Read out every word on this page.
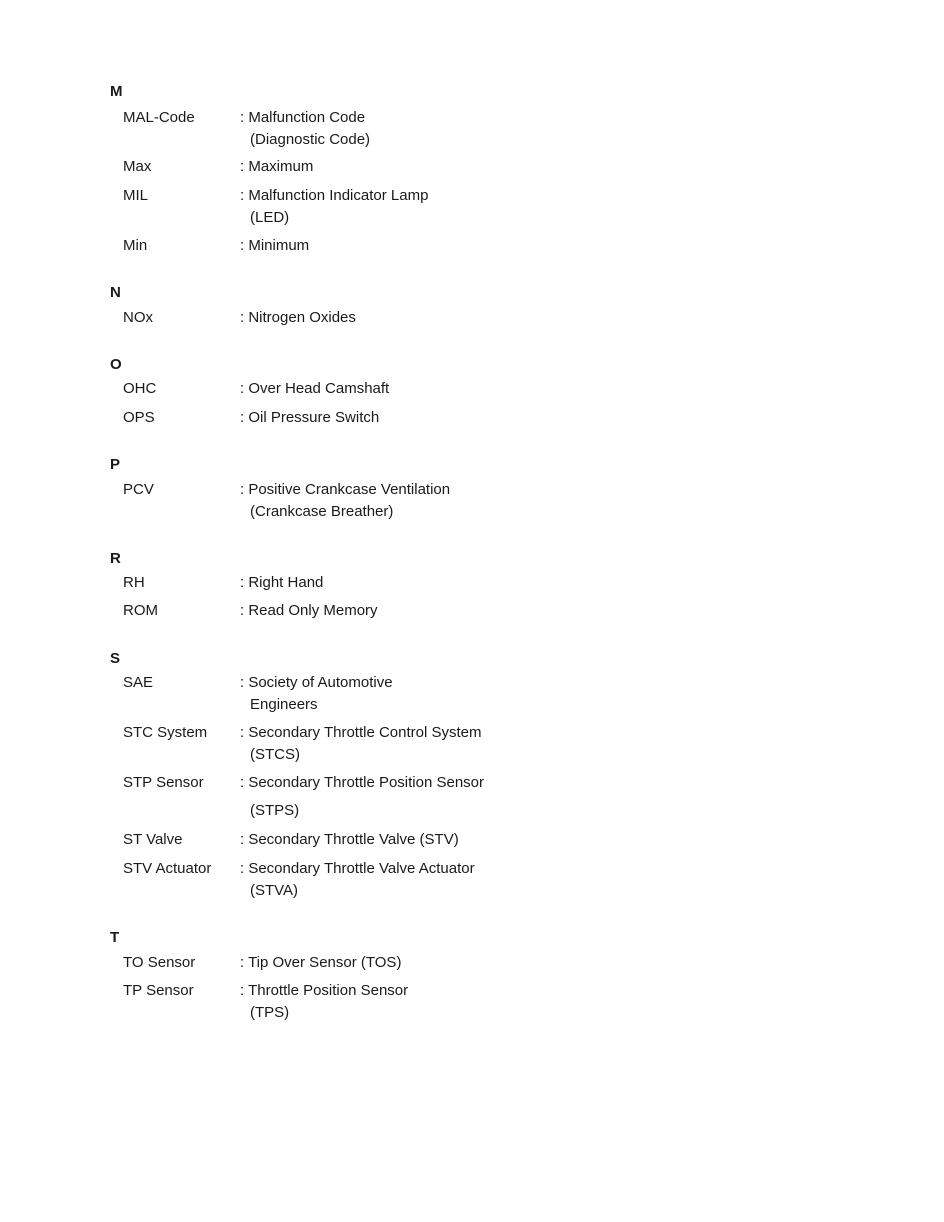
M
MAL-Code	: Malfunction Code
(Diagnostic Code)
Max	: Maximum
MIL	: Malfunction Indicator Lamp
(LED)
Min	: Minimum
N
NOx	: Nitrogen Oxides
O
OHC	: Over Head Camshaft
OPS	: Oil Pressure Switch
P
PCV	: Positive Crankcase Ventilation
(Crankcase Breather)
R
RH	: Right Hand
ROM	: Read Only Memory
S
SAE	: Society of Automotive
Engineers
STC System	: Secondary Throttle Control System
(STCS)
STP Sensor	: Secondary Throttle Position Sensor
(STPS)
ST Valve	: Secondary Throttle Valve (STV)
STV Actuator	: Secondary Throttle Valve Actuator
(STVA)
T
TO Sensor	: Tip Over Sensor (TOS)
TP Sensor	: Throttle Position Sensor
(TPS)
